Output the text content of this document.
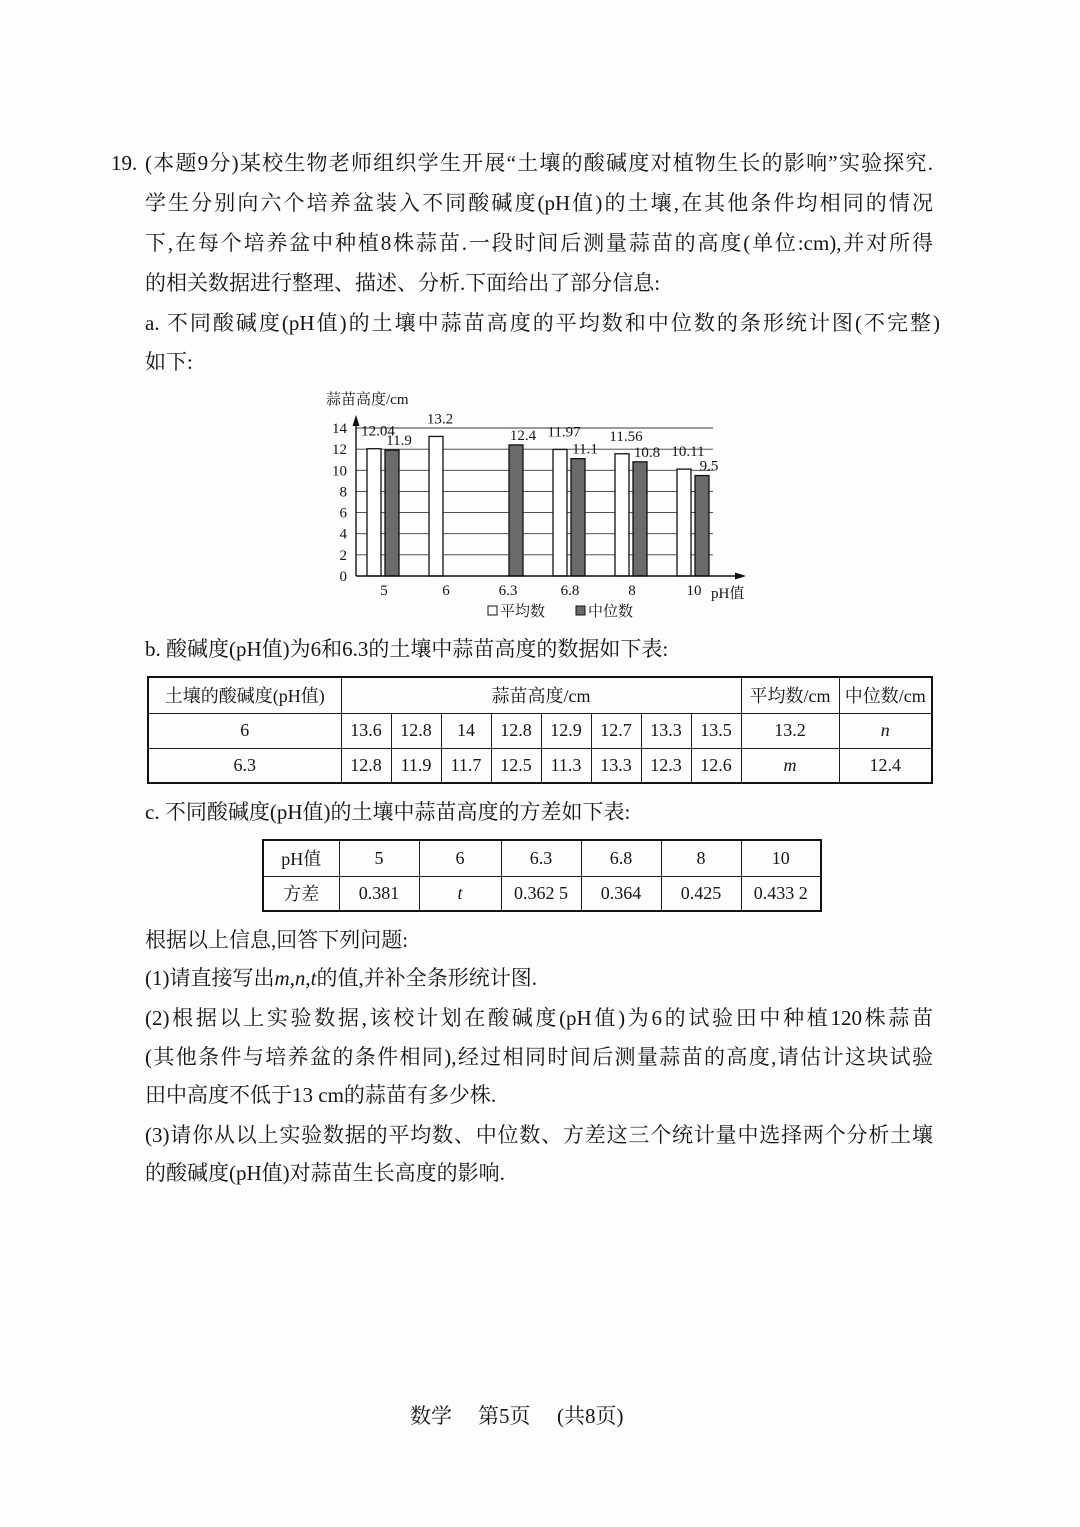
19. (本题9分)某校生物老师组织学生开展“土壤的酸碱度对植物生长的影响”实验探究.
学生分别向六个培养盆装入不同酸碱度(pH值)的土壤,在其他条件均相同的情况
下,在每个培养盆中种植8株蒜苗.一段时间后测量蒜苗的高度(单位:cm),并对所得
的相关数据进行整理、描述、分析.下面给出了部分信息:
a. 不同酸碱度(pH值)的土壤中蒜苗高度的平均数和中位数的条形统计图(不完整)
如下:
12.04
11.9
5
13.2
6
12.4
6.3
11.97
11.1
6.8
11.56
10.8
8
10.11
9.5
10
0
2
4
6
8
10
12
14
pH值
蒜苗高度/cm
平均数	中位数
b. 酸碱度(pH值)为6和6.3的土壤中蒜苗高度的数据如下表:
土壤的酸碱度(pH值)	蒜苗高度/cm								平均数/cm	中位数/cm
6	13.6	12.8	14	12.8	12.9	12.7	13.3	13.5	13.2	n
6.3	12.8	11.9	11.7	12.5	11.3	13.3	12.3	12.6	m	12.4
c. 不同酸碱度(pH值)的土壤中蒜苗高度的方差如下表:
pH值	5	6	6.3	6.8	8	10
方差	0.381	t	0.362 5	0.364	0.425	0.433 2
根据以上信息,回答下列问题:
(1)请直接写出m,n,t的值,并补全条形统计图.
(2)根据以上实验数据,该校计划在酸碱度(pH值)为6的试验田中种植120株蒜苗
(其他条件与培养盆的条件相同),经过相同时间后测量蒜苗的高度,请估计这块试验
田中高度不低于13 cm的蒜苗有多少株.
(3)请你从以上实验数据的平均数、中位数、方差这三个统计量中选择两个分析土壤
的酸碱度(pH值)对蒜苗生长高度的影响.
数学 第5页 (共8页)
